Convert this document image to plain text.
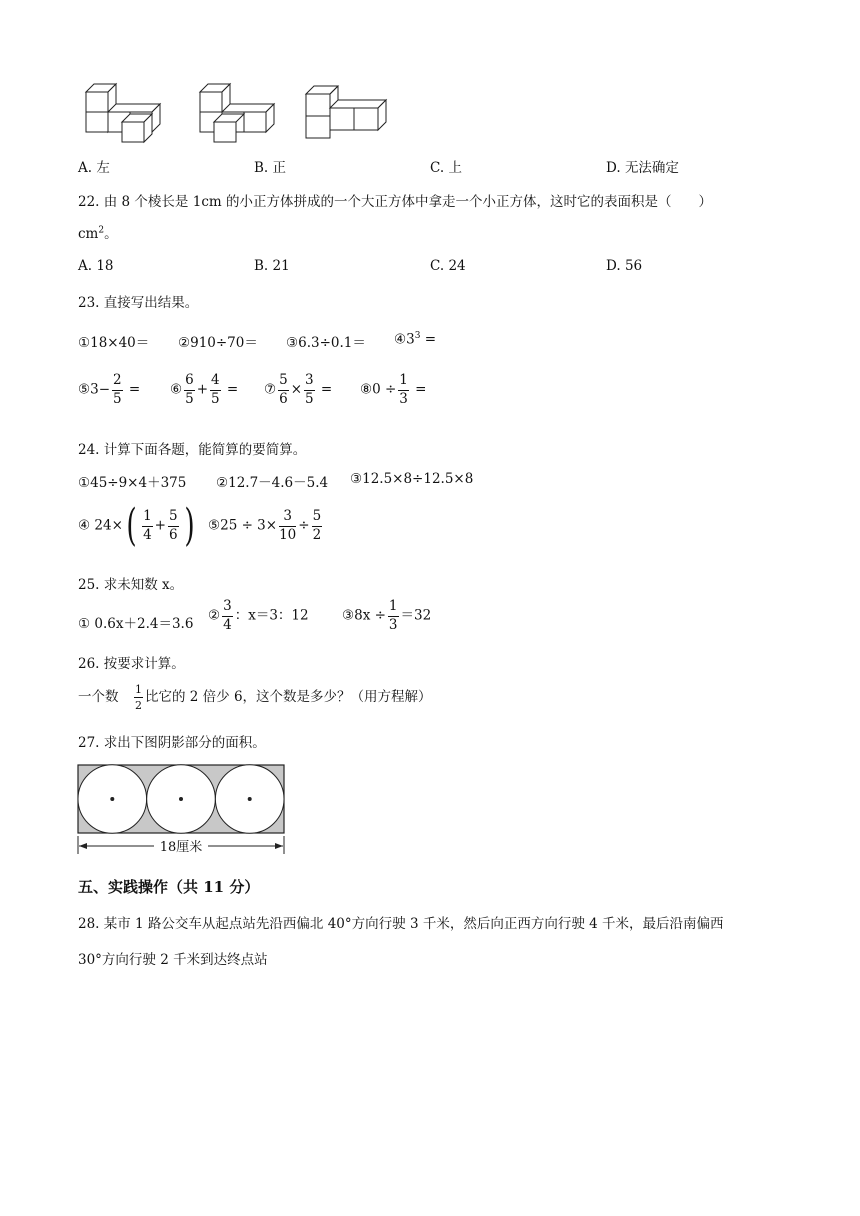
A. 左	B. 正	C. 上	D. 无法确定
22. 由 8 个棱长是 1cm 的小正方体拼成的一个大正方体中拿走一个小正方体，这时它的表面积是（　　）
$cm^2$。
A. 18	B. 21	C. 24	D. 56
23. 直接写出结果。
①18×40＝ ②910÷70＝ ③6.3÷0.1＝ $④3^3$ =
⑤3− $\frac{2}{5}$ = ⑥ $\frac{6}{5} + \frac{4}{5}$ = ⑦ $\frac{5}{6} \times \frac{3}{5}$ = ⑧0 ÷ $\frac{1}{3}$ =
24. 计算下面各题，能简算的要简算。
①45÷9×4＋375 ②12.7－4.6－5.4 ③12.5×8÷12.5×8
④ $24\times( \frac{1}{4} + \frac{5}{6}$ ) ⑤25 ÷ $3\times \frac{3}{10} \div \frac{5}{2}$
25. 求未知数 x。
① 0.6x＋2.4＝3.6
② $\frac{3}{4}$ ：x＝3：12 ③8x ÷ $\frac{1}{3} =32$
26. 按要求计算。
一个数　 $\frac{1}{2}$ 比它的 2 倍少 6，这个数是多少？（用方程解）
27. 求出下图阴影部分的面积。
18厘米
五、实践操作（共 11 分）
28. 某市 1 路公交车从起点站先沿西偏北 40°方向行驶 3 千米，然后向正西方向行驶 4 千米，最后沿南偏西
30°方向行驶 2 千米到达终点站
